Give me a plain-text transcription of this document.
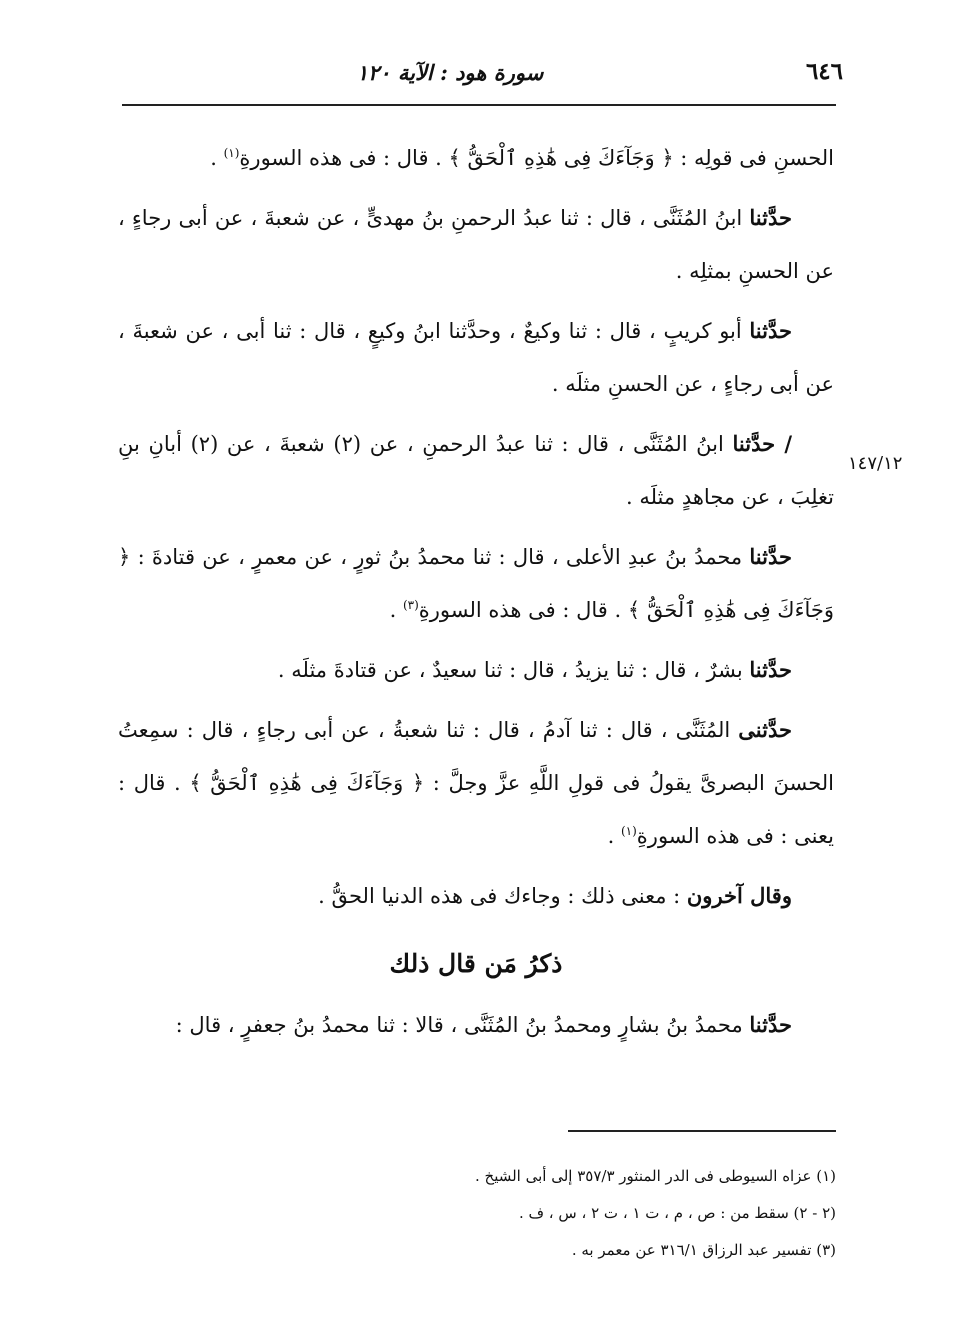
٦٤٦
سورة هود : الآية ١٢٠

الحسنِ فى قولِه : ﴿ وَجَآءَكَ فِى هَٰذِهِ ٱلْحَقُّ ﴾ . قال : فى هذه السورةِ$^{(١)}$ .

حدَّثنا ابنُ المُثَنَّى ، قال : ثنا عبدُ الرحمنِ بنُ مهدىٍّ ، عن شعبةَ ، عن أبى رجاءٍ ، عن الحسنِ بمثلِه .

حدَّثنا أبو كريبٍ ، قال : ثنا وكيعٌ ، وحدَّثنا ابنُ وكيعٍ ، قال : ثنا أبى ، عن شعبةَ ، عن أبى رجاءٍ ، عن الحسنِ مثلَه .

/ حدَّثنا ابنُ المُثَنَّى ، قال : ثنا عبدُ الرحمنِ ، عن (٢) شعبةَ ، عن (٢) أبانِ بنِ تغلِبَ ، عن مجاهدٍ مثلَه .

حدَّثنا محمدُ بنُ عبدِ الأعلى ، قال : ثنا محمدُ بنُ ثورٍ ، عن معمرٍ ، عن قتادةَ : ﴿ وَجَآءَكَ فِى هَٰذِهِ ٱلْحَقُّ ﴾ . قال : فى هذه السورةِ$^{(٣)}$ .

حدَّثنا بشرٌ ، قال : ثنا يزيدُ ، قال : ثنا سعيدٌ ، عن قتادةَ مثلَه .

حدَّثنى المُثَنَّى ، قال : ثنا آدمُ ، قال : ثنا شعبةُ ، عن أبى رجاءٍ ، قال : سمِعتُ الحسنَ البصرىَّ يقولُ فى قولِ اللَّهِ عزَّ وجلَّ : ﴿ وَجَآءَكَ فِى هَٰذِهِ ٱلْحَقُّ ﴾ . قال : يعنى : فى هذه السورةِ$^{(١)}$ .

وقال آخرون : معنى ذلك : وجاءك فى هذه الدنيا الحقُّ .

ذكرُ مَن قال ذلك

حدَّثنا محمدُ بنُ بشارٍ ومحمدُ بنُ المُثَنَّى ، قالا : ثنا محمدُ بنُ جعفرٍ ، قال :

١٤٧/١٢

(١) عزاه السيوطى فى الدر المنثور ٣٥٧/٣ إلى أبى الشيخ .

(٢ - ٢) سقط من : ص ، م ، ت ١ ، ت ٢ ، س ، ف .

(٣) تفسير عبد الرزاق ٣١٦/١ عن معمر به .
